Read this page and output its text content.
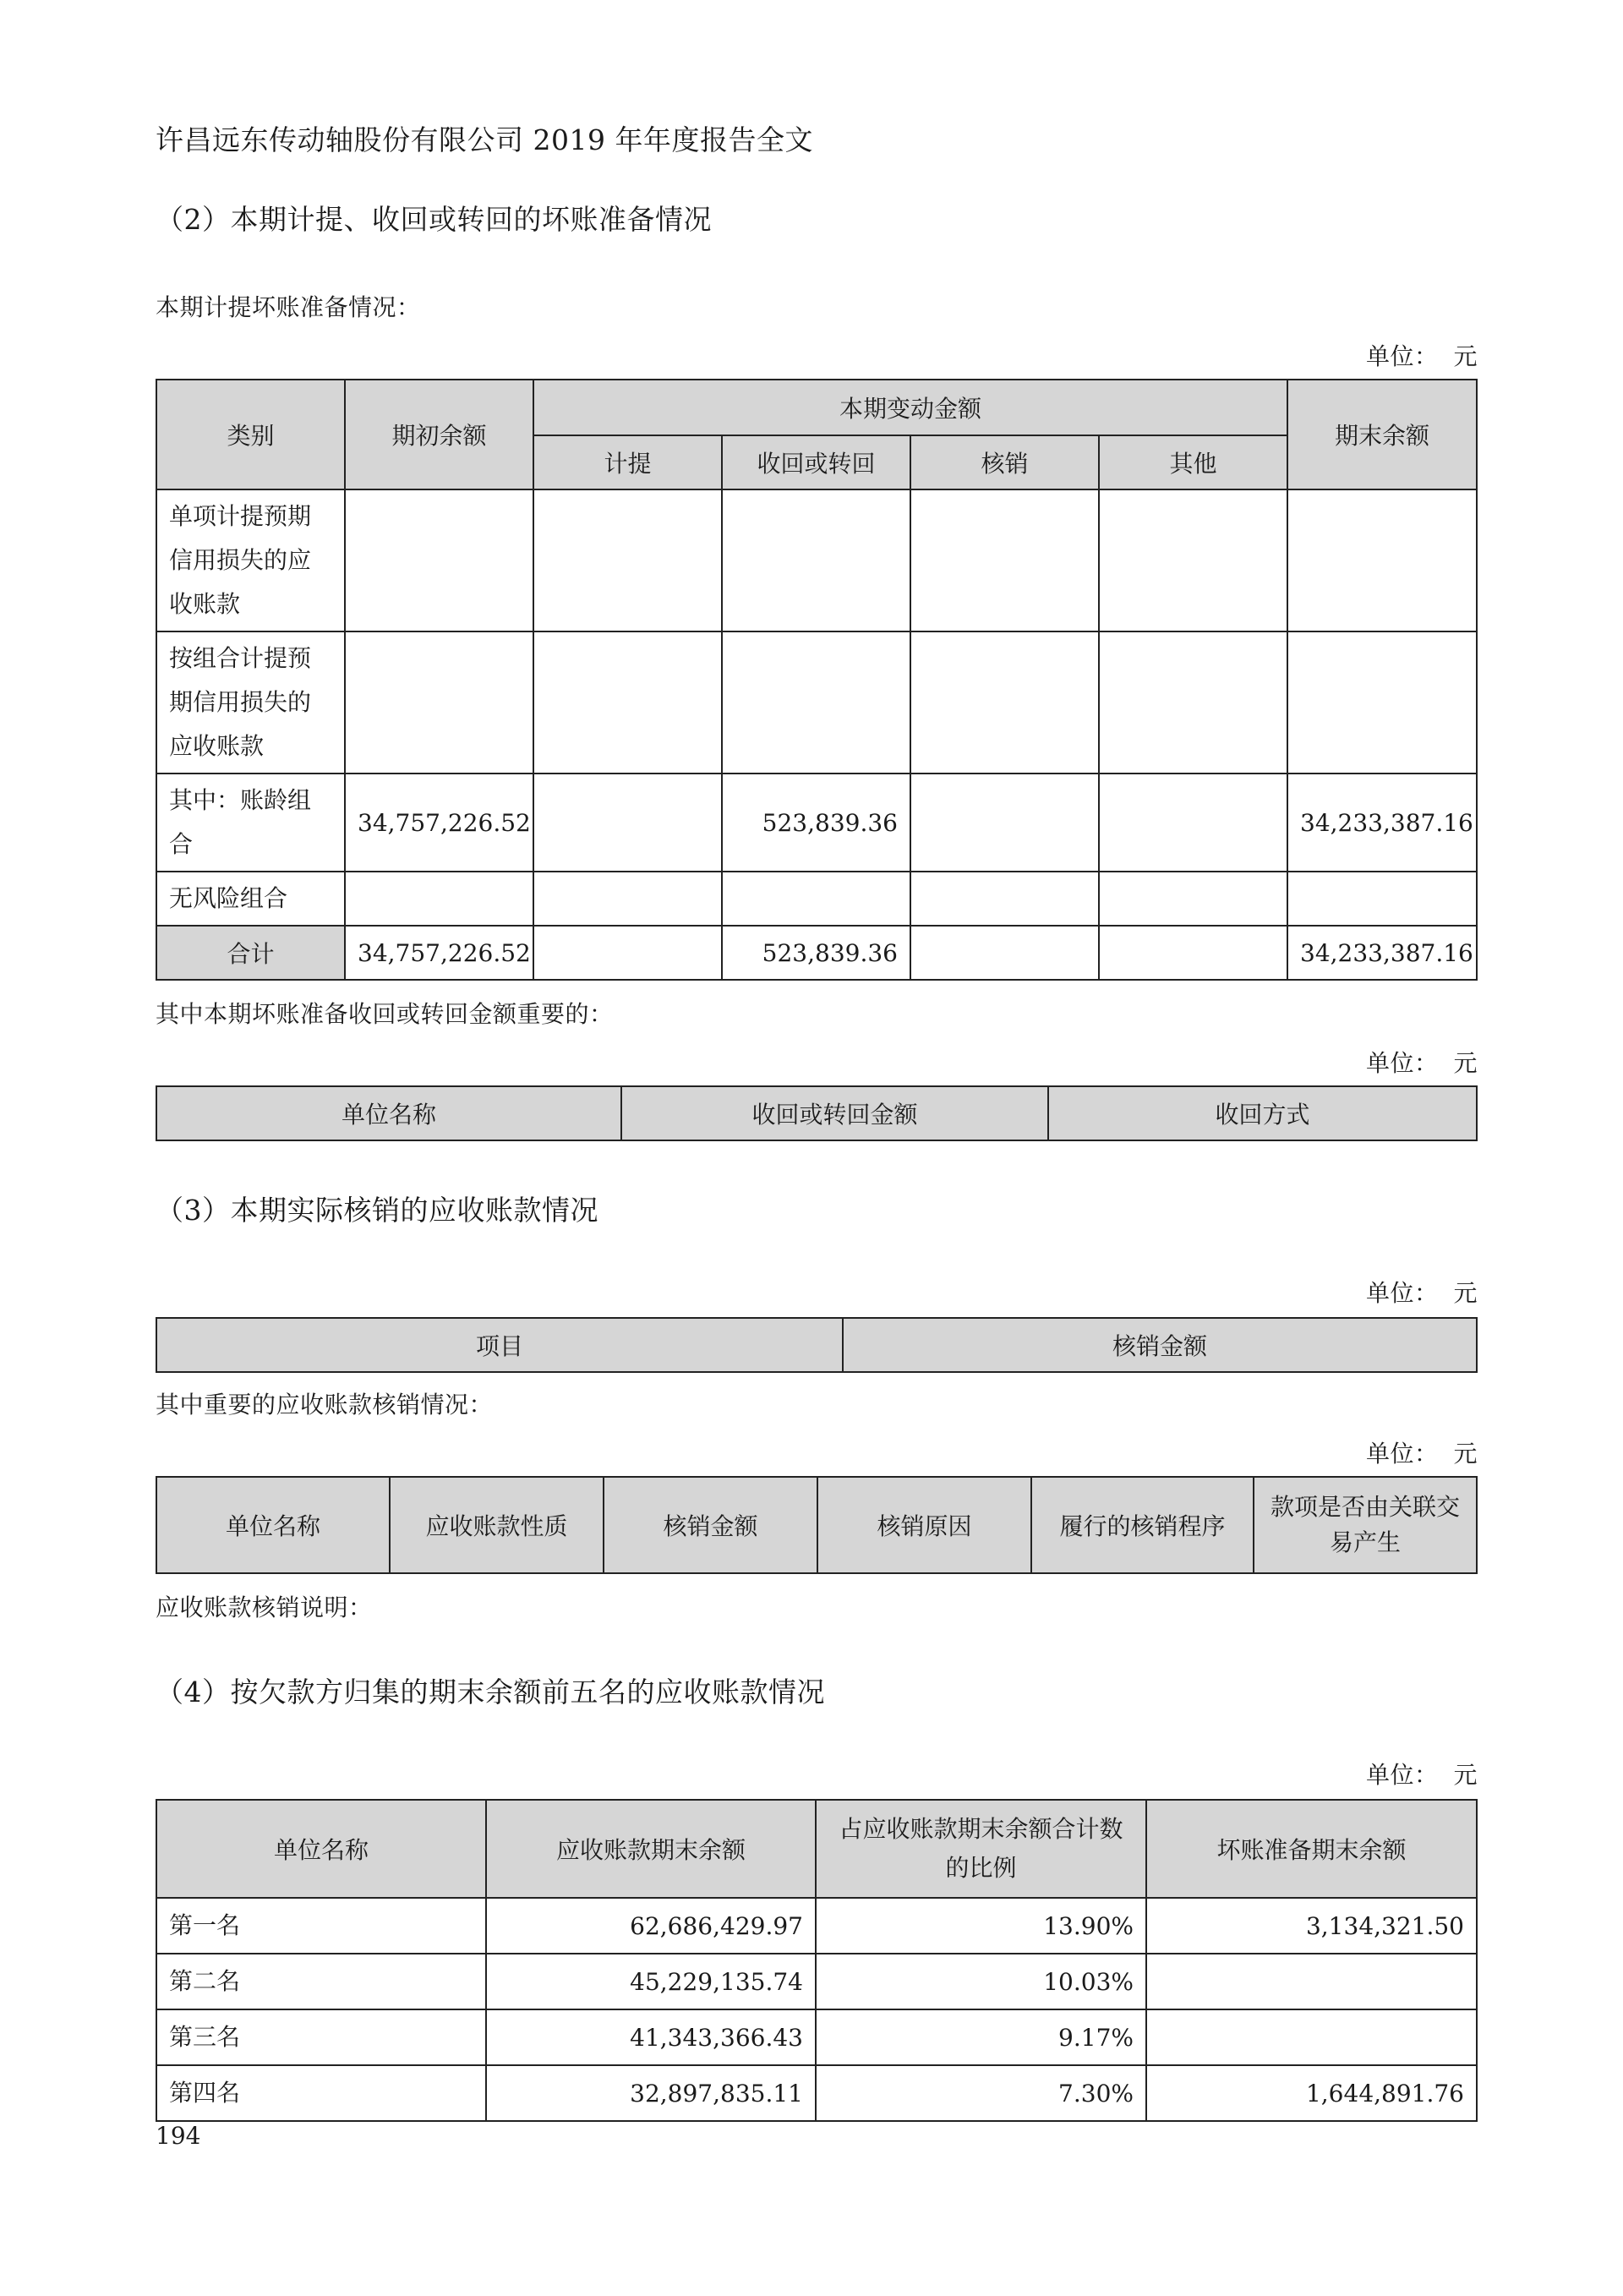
许昌远东传动轴股份有限公司 2019 年年度报告全文
（2）本期计提、收回或转回的坏账准备情况
本期计提坏账准备情况：
单位： 元
类别	期初余额	本期变动金额				期末余额
		计提	收回或转回	核销	其他	
单项计提预期信用损失的应收账款						
按组合计提预期信用损失的应收账款						
其中：账龄组合	34,757,226.52		523,839.36			34,233,387.16
无风险组合						
合计	34,757,226.52		523,839.36			34,233,387.16
其中本期坏账准备收回或转回金额重要的：
单位： 元
单位名称	收回或转回金额	收回方式
（3）本期实际核销的应收账款情况
单位： 元
项目	核销金额
其中重要的应收账款核销情况：
单位： 元
单位名称	应收账款性质	核销金额	核销原因	履行的核销程序	款项是否由关联交易产生
应收账款核销说明：
（4）按欠款方归集的期末余额前五名的应收账款情况
单位： 元
单位名称	应收账款期末余额	占应收账款期末余额合计数的比例	坏账准备期末余额
第一名	62,686,429.97	13.90%	3,134,321.50
第二名	45,229,135.74	10.03%	
第三名	41,343,366.43	9.17%	
第四名	32,897,835.11	7.30%	1,644,891.76
194
